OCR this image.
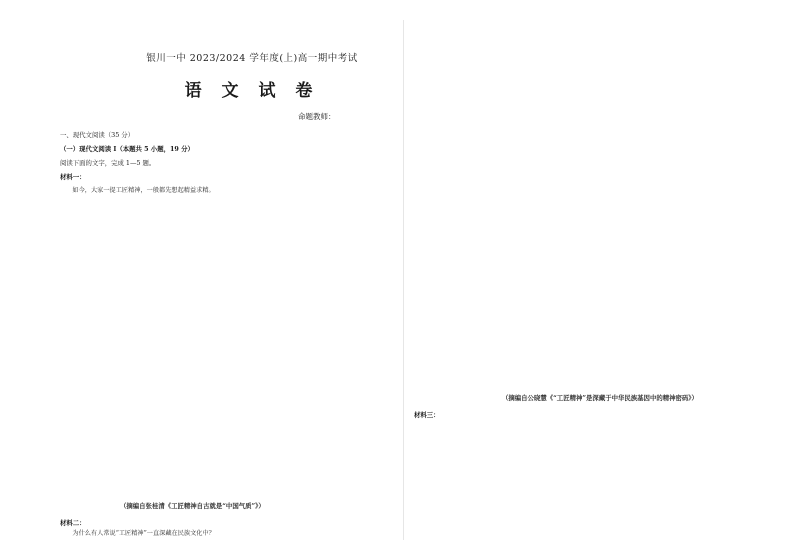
银川一中 2023/2024 学年度(上)高一期中考试
语 文 试 卷
命题教师：
一、现代文阅读（35 分）
（一）现代文阅读 I（本题共 5 小题，19 分）
阅读下面的文字，完成 1—5 题。
材料一：
如今，大家一提工匠精神，一般都先想起精益求精。
（摘编自张桂清《工匠精神自古就是“中国气质”》）
材料二：
为什么有人常说“工匠精神”一直深藏在民族文化中？
（摘编自公晓慧《“工匠精神”是深藏于中华民族基因中的精神密码》）
材料三：
